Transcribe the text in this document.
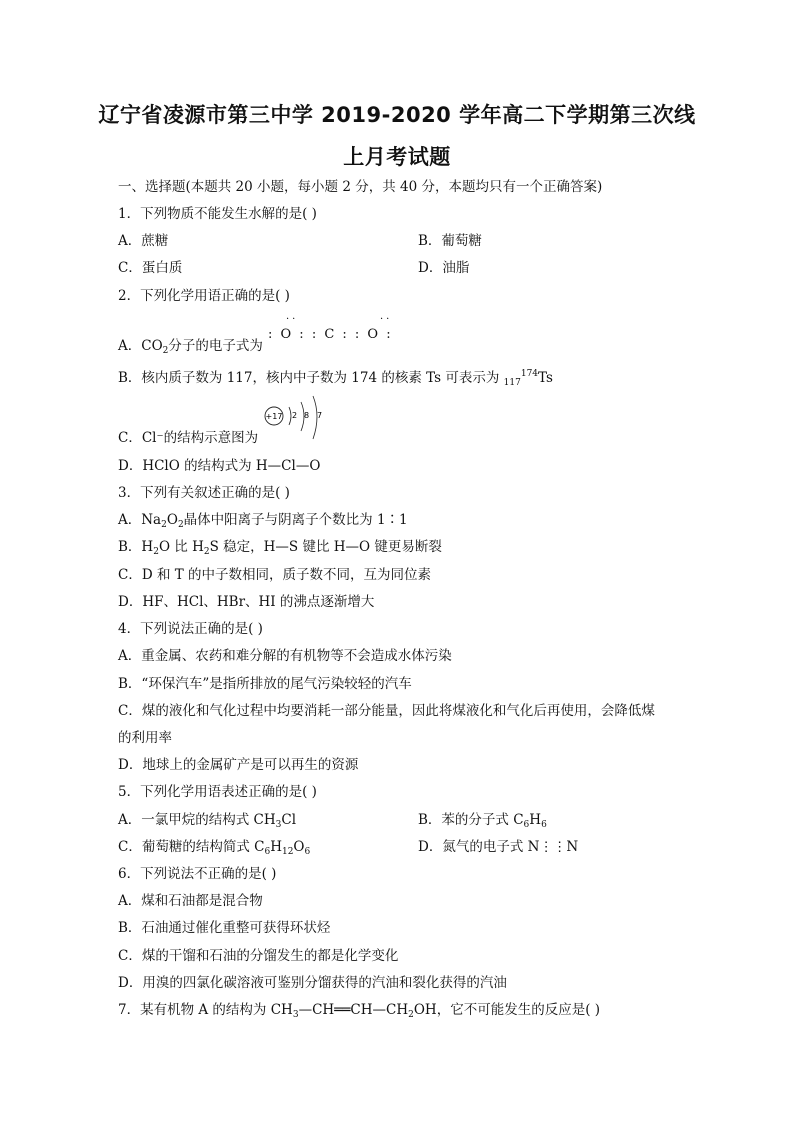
辽宁省凌源市第三中学 2019-2020 学年高二下学期第三次线
上月考试题
一、选择题(本题共 20 小题，每小题 2 分，共 40 分，本题均只有一个正确答案)
1．下列物质不能发生水解的是( )
A．蔗糖	B．葡萄糖
C．蛋白质	D．油脂
2．下列化学用语正确的是( )
A．$CO_2$分子的电子式为
: O : : C : : O :
··	··
B．核内质子数为 117，核内中子数为 174 的核素 Ts 可表示为 $_{117}^{174}$Ts
+17 2 8 7
C．Cl⁻的结构示意图为
D．HClO 的结构式为 H—Cl—O
3．下列有关叙述正确的是( )
A．$Na_2O_2$晶体中阳离子与阴离子个数比为 1∶1
B．$H_2O$ 比 $H_2S$ 稳定，H—S 键比 H—O 键更易断裂
C．D 和 T 的中子数相同，质子数不同，互为同位素
D．HF、HCl、HBr、HI 的沸点逐渐增大
4．下列说法正确的是( )
A．重金属、农药和难分解的有机物等不会造成水体污染
B．“环保汽车”是指所排放的尾气污染较轻的汽车
C．煤的液化和气化过程中均要消耗一部分能量，因此将煤液化和气化后再使用，会降低煤
的利用率
D．地球上的金属矿产是可以再生的资源
5．下列化学用语表述正确的是( )
A．一氯甲烷的结构式 $CH_3Cl$	B．苯的分子式 $C_6H_6$
C．葡萄糖的结构简式 $C_6H_{12}O_6$	D．氮气的电子式 N⋮⋮N
6．下列说法不正确的是( )
A．煤和石油都是混合物
B．石油通过催化重整可获得环状烃
C．煤的干馏和石油的分馏发生的都是化学变化
D．用溴的四氯化碳溶液可鉴别分馏获得的汽油和裂化获得的汽油
7．某有机物 A 的结构为 $CH_3—CH══CH—CH_2OH$，它不可能发生的反应是( )
